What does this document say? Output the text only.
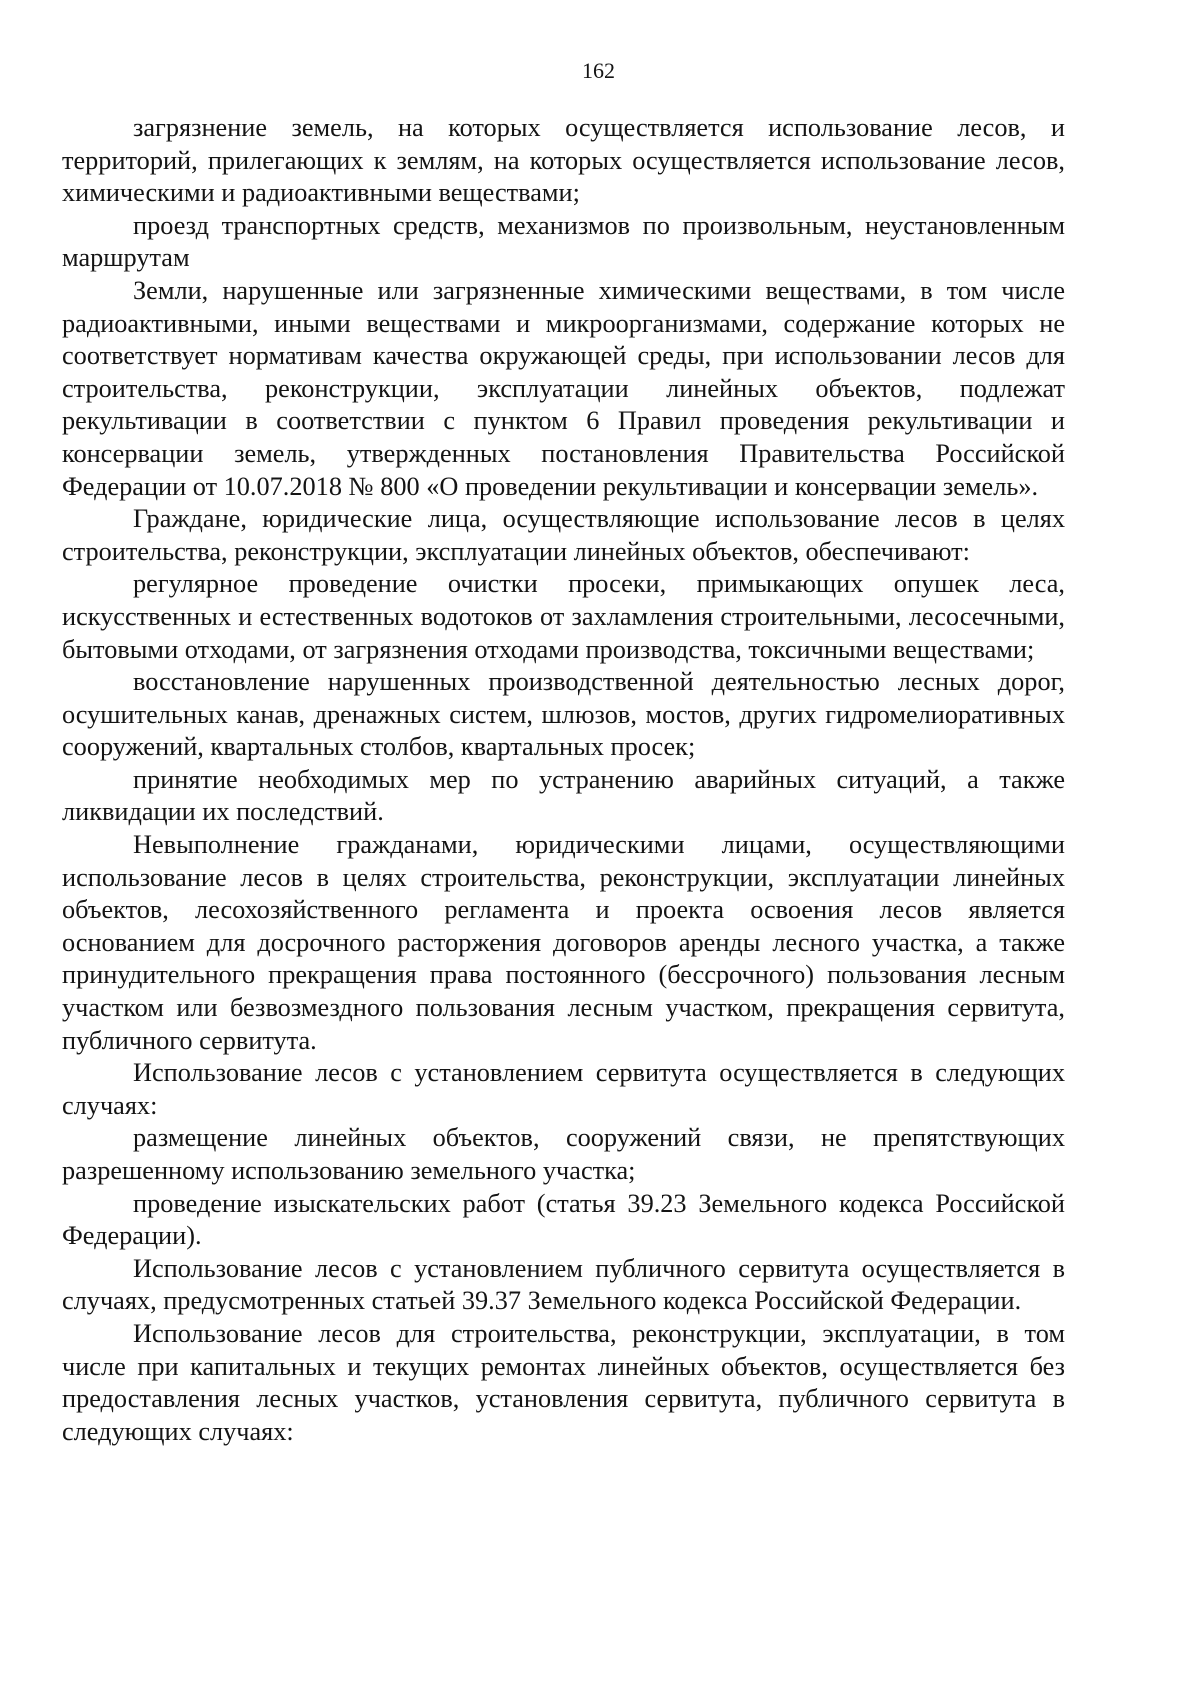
162

загрязнение земель, на которых осуществляется использование лесов, и территорий, прилегающих к землям, на которых осуществляется использование лесов, химическими и радиоактивными веществами;

проезд транспортных средств, механизмов по произвольным, неустановленным маршрутам

Земли, нарушенные или загрязненные химическими веществами, в том числе радиоактивными, иными веществами и микроорганизмами, содержание которых не соответствует нормативам качества окружающей среды, при использовании лесов для строительства, реконструкции, эксплуатации линейных объектов, подлежат рекультивации в соответствии с пунктом 6 Правил проведения рекультивации и консервации земель, утвержденных постановления Правительства Российской Федерации от 10.07.2018 № 800 «О проведении рекультивации и консервации земель».

Граждане, юридические лица, осуществляющие использование лесов в целях строительства, реконструкции, эксплуатации линейных объектов, обеспечивают:

регулярное проведение очистки просеки, примыкающих опушек леса, искусственных и естественных водотоков от захламления строительными, лесосечными, бытовыми отходами, от загрязнения отходами производства, токсичными веществами;

восстановление нарушенных производственной деятельностью лесных дорог, осушительных канав, дренажных систем, шлюзов, мостов, других гидромелиоративных сооружений, квартальных столбов, квартальных просек;

принятие необходимых мер по устранению аварийных ситуаций, а также ликвидации их последствий.

Невыполнение гражданами, юридическими лицами, осуществляющими использование лесов в целях строительства, реконструкции, эксплуатации линейных объектов, лесохозяйственного регламента и проекта освоения лесов является основанием для досрочного расторжения договоров аренды лесного участка, а также принудительного прекращения права постоянного (бессрочного) пользования лесным участком или безвозмездного пользования лесным участком, прекращения сервитута, публичного сервитута.

Использование лесов с установлением сервитута осуществляется в следующих случаях:

размещение линейных объектов, сооружений связи, не препятствующих разрешенному использованию земельного участка;

проведение изыскательских работ (статья 39.23 Земельного кодекса Российской Федерации).

Использование лесов с установлением публичного сервитута осуществляется в случаях, предусмотренных статьей 39.37 Земельного кодекса Российской Федерации.

Использование лесов для строительства, реконструкции, эксплуатации, в том числе при капитальных и текущих ремонтах линейных объектов, осуществляется без предоставления лесных участков, установления сервитута, публичного сервитута в следующих случаях:
